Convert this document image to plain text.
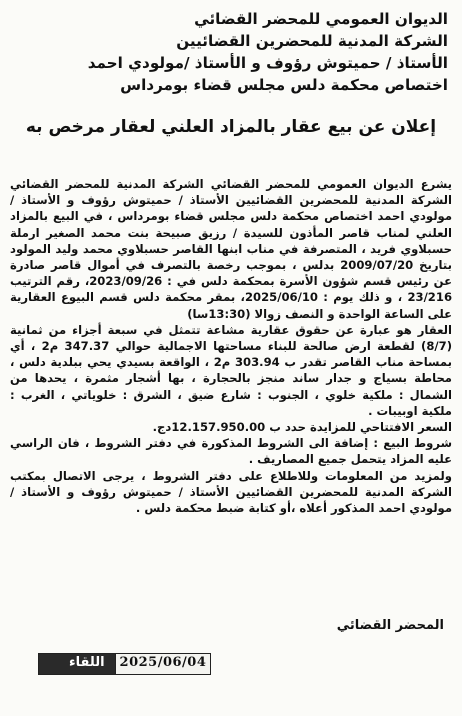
الديوان العمومي للمحضر القضائي
الشركة المدنية للمحضرين القضائيين
الأستاذ / حميتوش رؤوف و الأستاذ /مولودي احمد
اختصاص محكمة دلس مجلس قضاء بومرداس
إعلان عن بيع عقار بالمزاد العلني لعقار مرخص به

يشرع الديوان العمومي للمحضر القضائي الشركة المدنية للمحضر القضائي الشركة المدنية للمحضرين القضائيين الأستاذ / حميتوش رؤوف و الأستاذ /مولودي احمد اختصاص محكمة دلس مجلس قضاء بومرداس ، في البيع بالمزاد العلني لمناب قاصر المأذون للسيدة / رزيق صبيحة بنت محمد الصغير ارملة حسبلاوي فريد ، المتصرفة في مناب ابنها القاصر حسبلاوي محمد وليد المولود بتاريخ 2009/07/20 بدلس ، بموجب رخصة بالتصرف في أموال قاصر صادرة عن رئيس قسم شؤون الأسرة بمحكمة دلس في : 2023/09/26، رقم الترتيب 23/216 ، و ذلك يوم : 2025/06/10، بمقر محكمة دلس قسم البيوع العقارية على الساعة الواحدة و النصف زوالا (13:30سا)

العقار هو عبارة عن حقوق عقارية مشاعة تتمثل في سبعة أجزاء من ثمانية (8/7) لقطعة ارض صالحة للبناء مساحتها الاجمالية حوالي 347.37 م2 ، أي بمساحة مناب القاصر تقدر ب 303.94 م2 ، الواقعة بسيدي يحي ببلدية دلس ، محاطة بسياج و جدار ساند منجز بالحجارة ، بها أشجار مثمرة ، يحدها من الشمال : ملكية خلوي ، الجنوب : شارع ضيق ، الشرق : خلوياتي ، الغرب : ملكية اوبيبات .

السعر الافتتاحي للمزايدة حدد ب 12.157.950.00دج.

شروط البيع : إضافة الى الشروط المذكورة في دفتر الشروط ، فان الراسي عليه المزاد يتحمل جميع المصاريف .

ولمزيد من المعلومات وللاطلاع على دفتر الشروط ، يرجى الاتصال بمكتب الشركة المدنية للمحضرين القضائيين الأستاذ / حميتوش رؤوف و الأستاذ /مولودي احمد المذكور أعلاه ،أو كتابة ضبط محكمة دلس .

المحضر القضائي
اللقاء	2025/06/04
